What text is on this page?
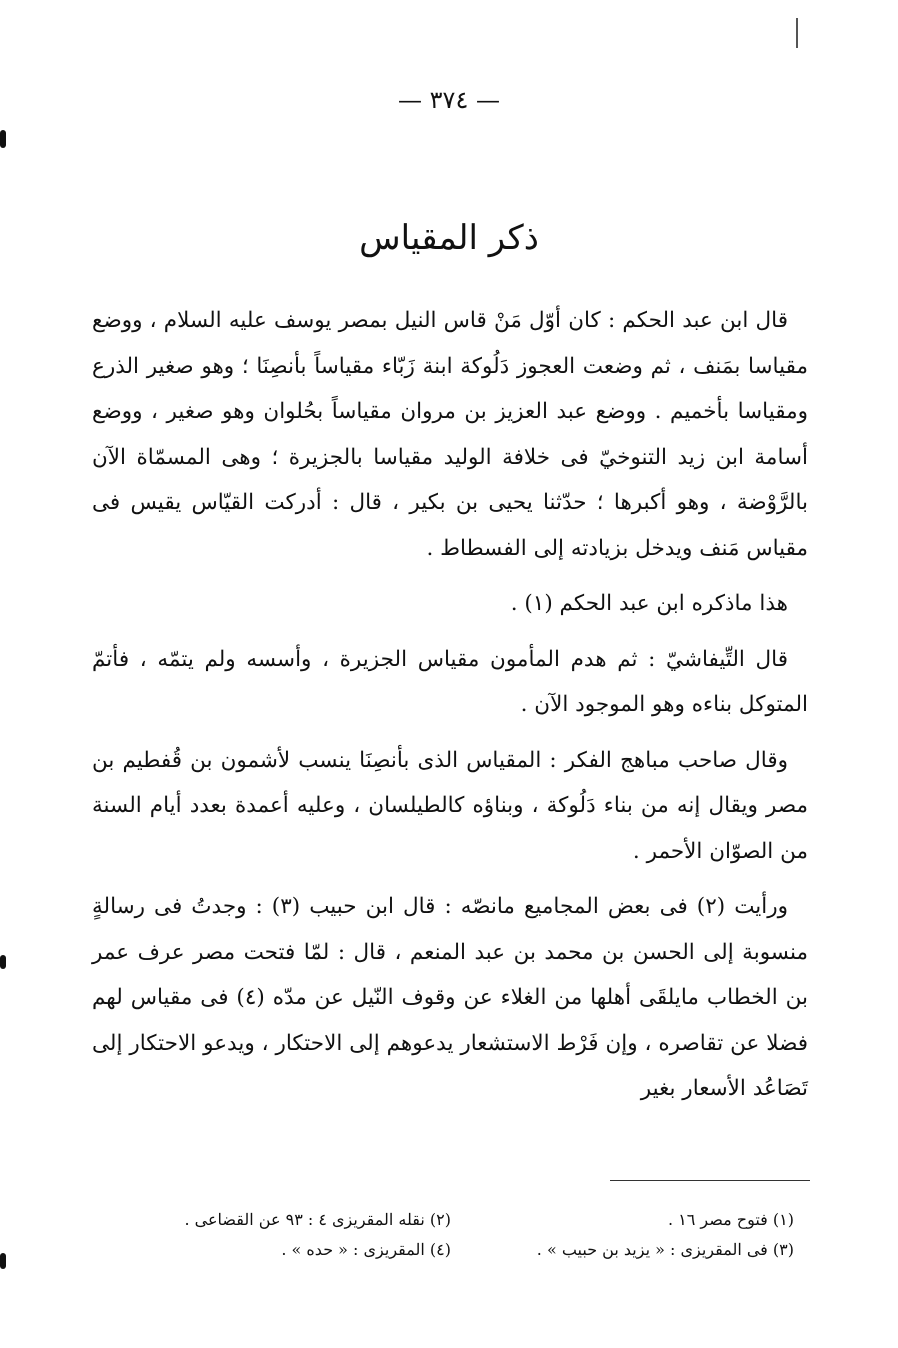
— ٣٧٤ —
ذكر المقياس

قال ابن عبد الحكم : كان أوّل مَنْ قاس النيل بمصر يوسف عليه السلام ، ووضع مقياسا بمَنف ، ثم وضعت العجوز دَلُوكة ابنة زَبّاء مقياساً بأنصِنَا ؛ وهو صغير الذرع ومقياسا بأخميم . ووضع عبد العزيز بن مروان مقياساً بحُلوان وهو صغير ، ووضع أسامة ابن زيد التنوخيّ فى خلافة الوليد مقياسا بالجزيرة ؛ وهى المسمّاة الآن بالرَّوْضة ، وهو أكبرها ؛ حدّثنا يحيى بن بكير ، قال : أدركت القيّاس يقيس فى مقياس مَنف ويدخل بزيادته إلى الفسطاط .

هذا ماذكره ابن عبد الحكم (١) .

قال التِّيفاشيّ : ثم هدم المأمون مقياس الجزيرة ، وأسسه ولم يتمّه ، فأتمّ المتوكل بناءه وهو الموجود الآن .

وقال صاحب مباهج الفكر : المقياس الذى بأنصِنَا ينسب لأشمون بن قُفطيم بن مصر ويقال إنه من بناء دَلُوكة ، وبناؤه كالطيلسان ، وعليه أعمدة بعدد أيام السنة من الصوّان الأحمر .

ورأيت (٢) فى بعض المجاميع مانصّه : قال ابن حبيب (٣) : وجدتُ فى رسالةٍ منسوبة إلى الحسن بن محمد بن عبد المنعم ، قال : لمّا فتحت مصر عرف عمر بن الخطاب مايلقَى أهلها من الغلاء عن وقوف النّيل عن مدّه (٤) فى مقياس لهم فضلا عن تقاصره ، وإن فَرْط الاستشعار يدعوهم إلى الاحتكار ، ويدعو الاحتكار إلى تَصَاعُد الأسعار بغير

(١) فتوح مصر ١٦ .
(٢) نقله المقريزى ٤ : ٩٣ عن القضاعى .
(٣) فى المقريزى : « يزيد بن حبيب » .
(٤) المقريزى : « حده » .
